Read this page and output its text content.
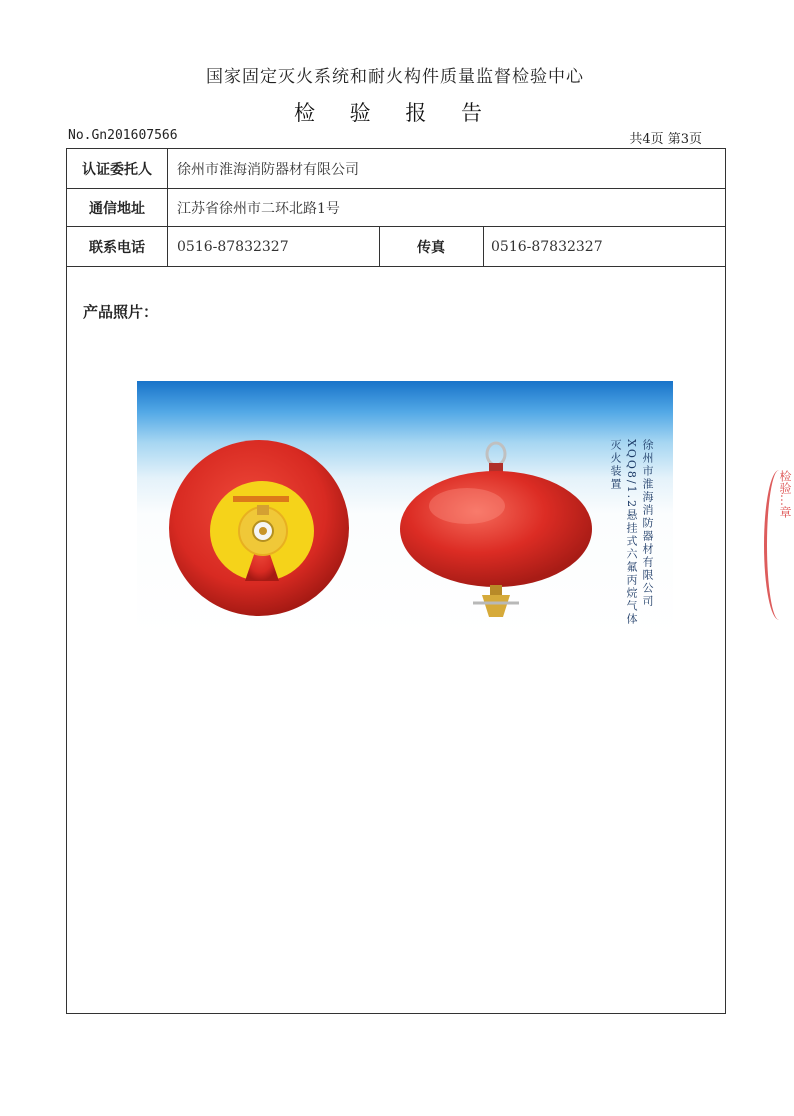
国家固定灭火系统和耐火构件质量监督检验中心
检 验 报 告
No.Gn201607566	共4页 第3页
认证委托人	徐州市淮海消防器材有限公司
通信地址	江苏省徐州市二环北路1号
联系电话	0516-87832327	传真	0516-87832327
产品照片：
徐州市淮海消防器材有限公司
XQQ8/1.2悬挂式六氟丙烷气体灭火装置
检验…章
